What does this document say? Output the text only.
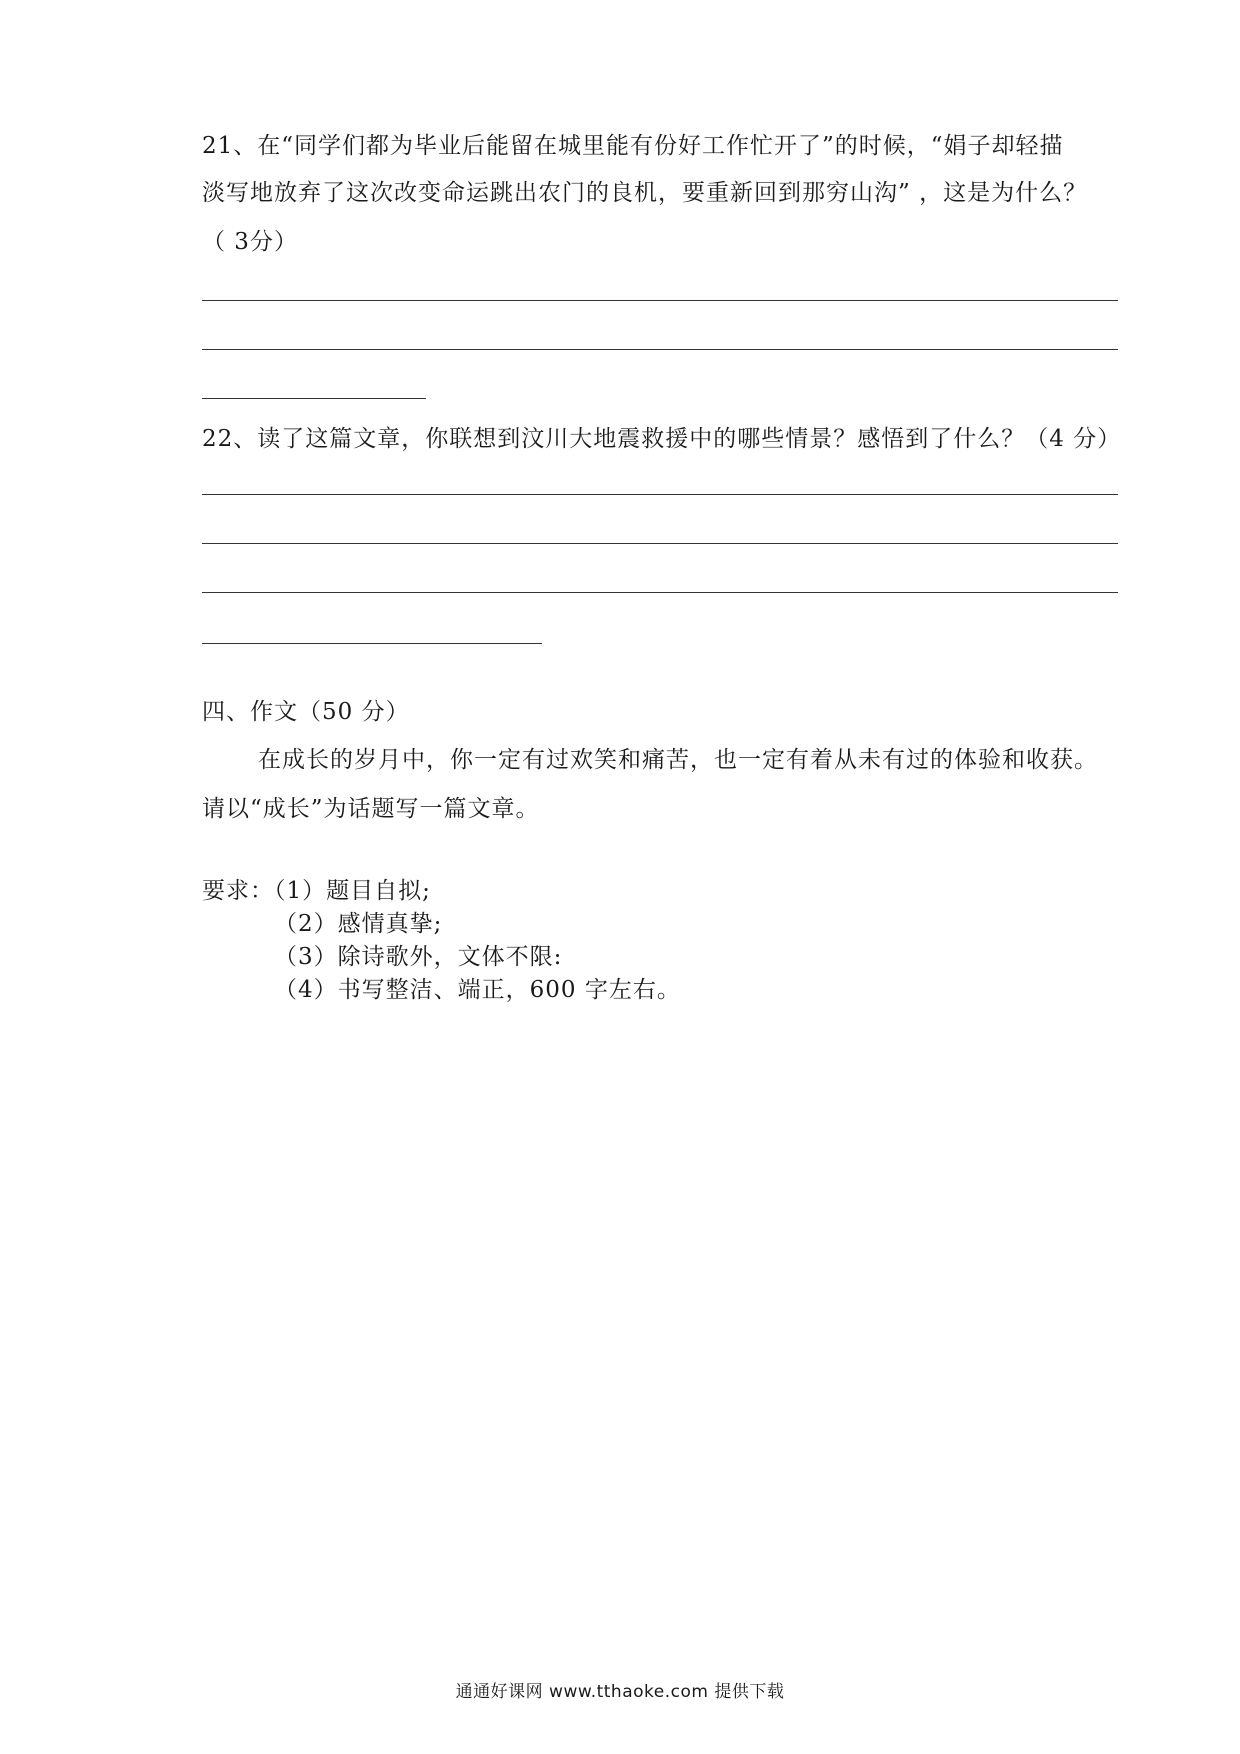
21、在“同学们都为毕业后能留在城里能有份好工作忙开了”的时候，“娟子却轻描
淡写地放弃了这次改变命运跳出农门的良机，要重新回到那穷山沟” ，这是为什么？
（ 3分）
22、读了这篇文章，你联想到汶川大地震救援中的哪些情景？感悟到了什么？（4 分）
四、作文（50 分）
在成长的岁月中，你一定有过欢笑和痛苦，也一定有着从未有过的体验和收获。
请以“成长”为话题写一篇文章。
要求：（1）题目自拟;
（2）感情真挚;
（3）除诗歌外，文体不限:
（4）书写整洁、端正，600 字左右。
通通好课网 www.tthaoke.com 提供下载
